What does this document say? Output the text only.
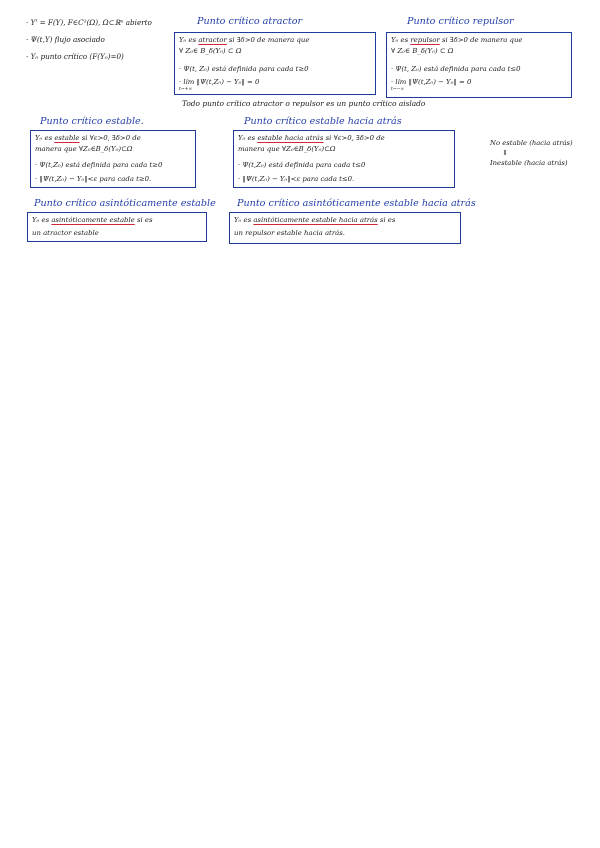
· Y' = F(Y), F∈C¹(Ω), Ω⊂ℝⁿ abierto
· Ψ(t,Y) flujo asociado
· Y₀ punto crítico (F(Y₀)=0)
Punto crítico atractor
Y₀ es atractor si ∃δ>0 de manera que
∀ Z₀∈ B_δ(Y₀) ⊂ Ω
· Ψ(t, Z₀) está definida para cada t≥0
· lím ‖Ψ(t,Z₀) − Y₀‖ = 0
t→+∞
Punto crítico repulsor
Y₀ es repulsor si ∃δ>0 de manera que
∀ Z₀∈ B_δ(Y₀) ⊂ Ω
· Ψ(t, Z₀) está definida para cada t≤0
· lím ‖Ψ(t,Z₀) − Y₀‖ = 0
t→−∞
Todo punto crítico atractor o repulsor es un punto crítico aislado
Punto crítico estable.
Y₀ es estable si ∀ε>0, ∃δ>0 de
manera que ∀Z₀∈B_δ(Y₀)⊂Ω
· Ψ(t,Z₀) está definida para cada t≥0
· ‖Ψ(t,Z₀) − Y₀‖<ε para cada t≥0.
Punto crítico estable hacia atrás
Y₀ es estable hacia atrás si ∀ε>0, ∃δ>0 de
manera que ∀Z₀∈B_δ(Y₀)⊂Ω
· Ψ(t,Z₀) está definida para cada t≤0
· ‖Ψ(t,Z₀) − Y₀‖<ε para cada t≤0.
No estable (hacia atrás)
⇕
Inestable (hacia atrás)
Punto crítico asintóticamente estable
Y₀ es asintóticamente estable si es
un atractor estable
Punto crítico asintóticamente estable hacia atrás
Y₀ es asintóticamente estable hacia atrás si es
un repulsor estable hacia atrás.
